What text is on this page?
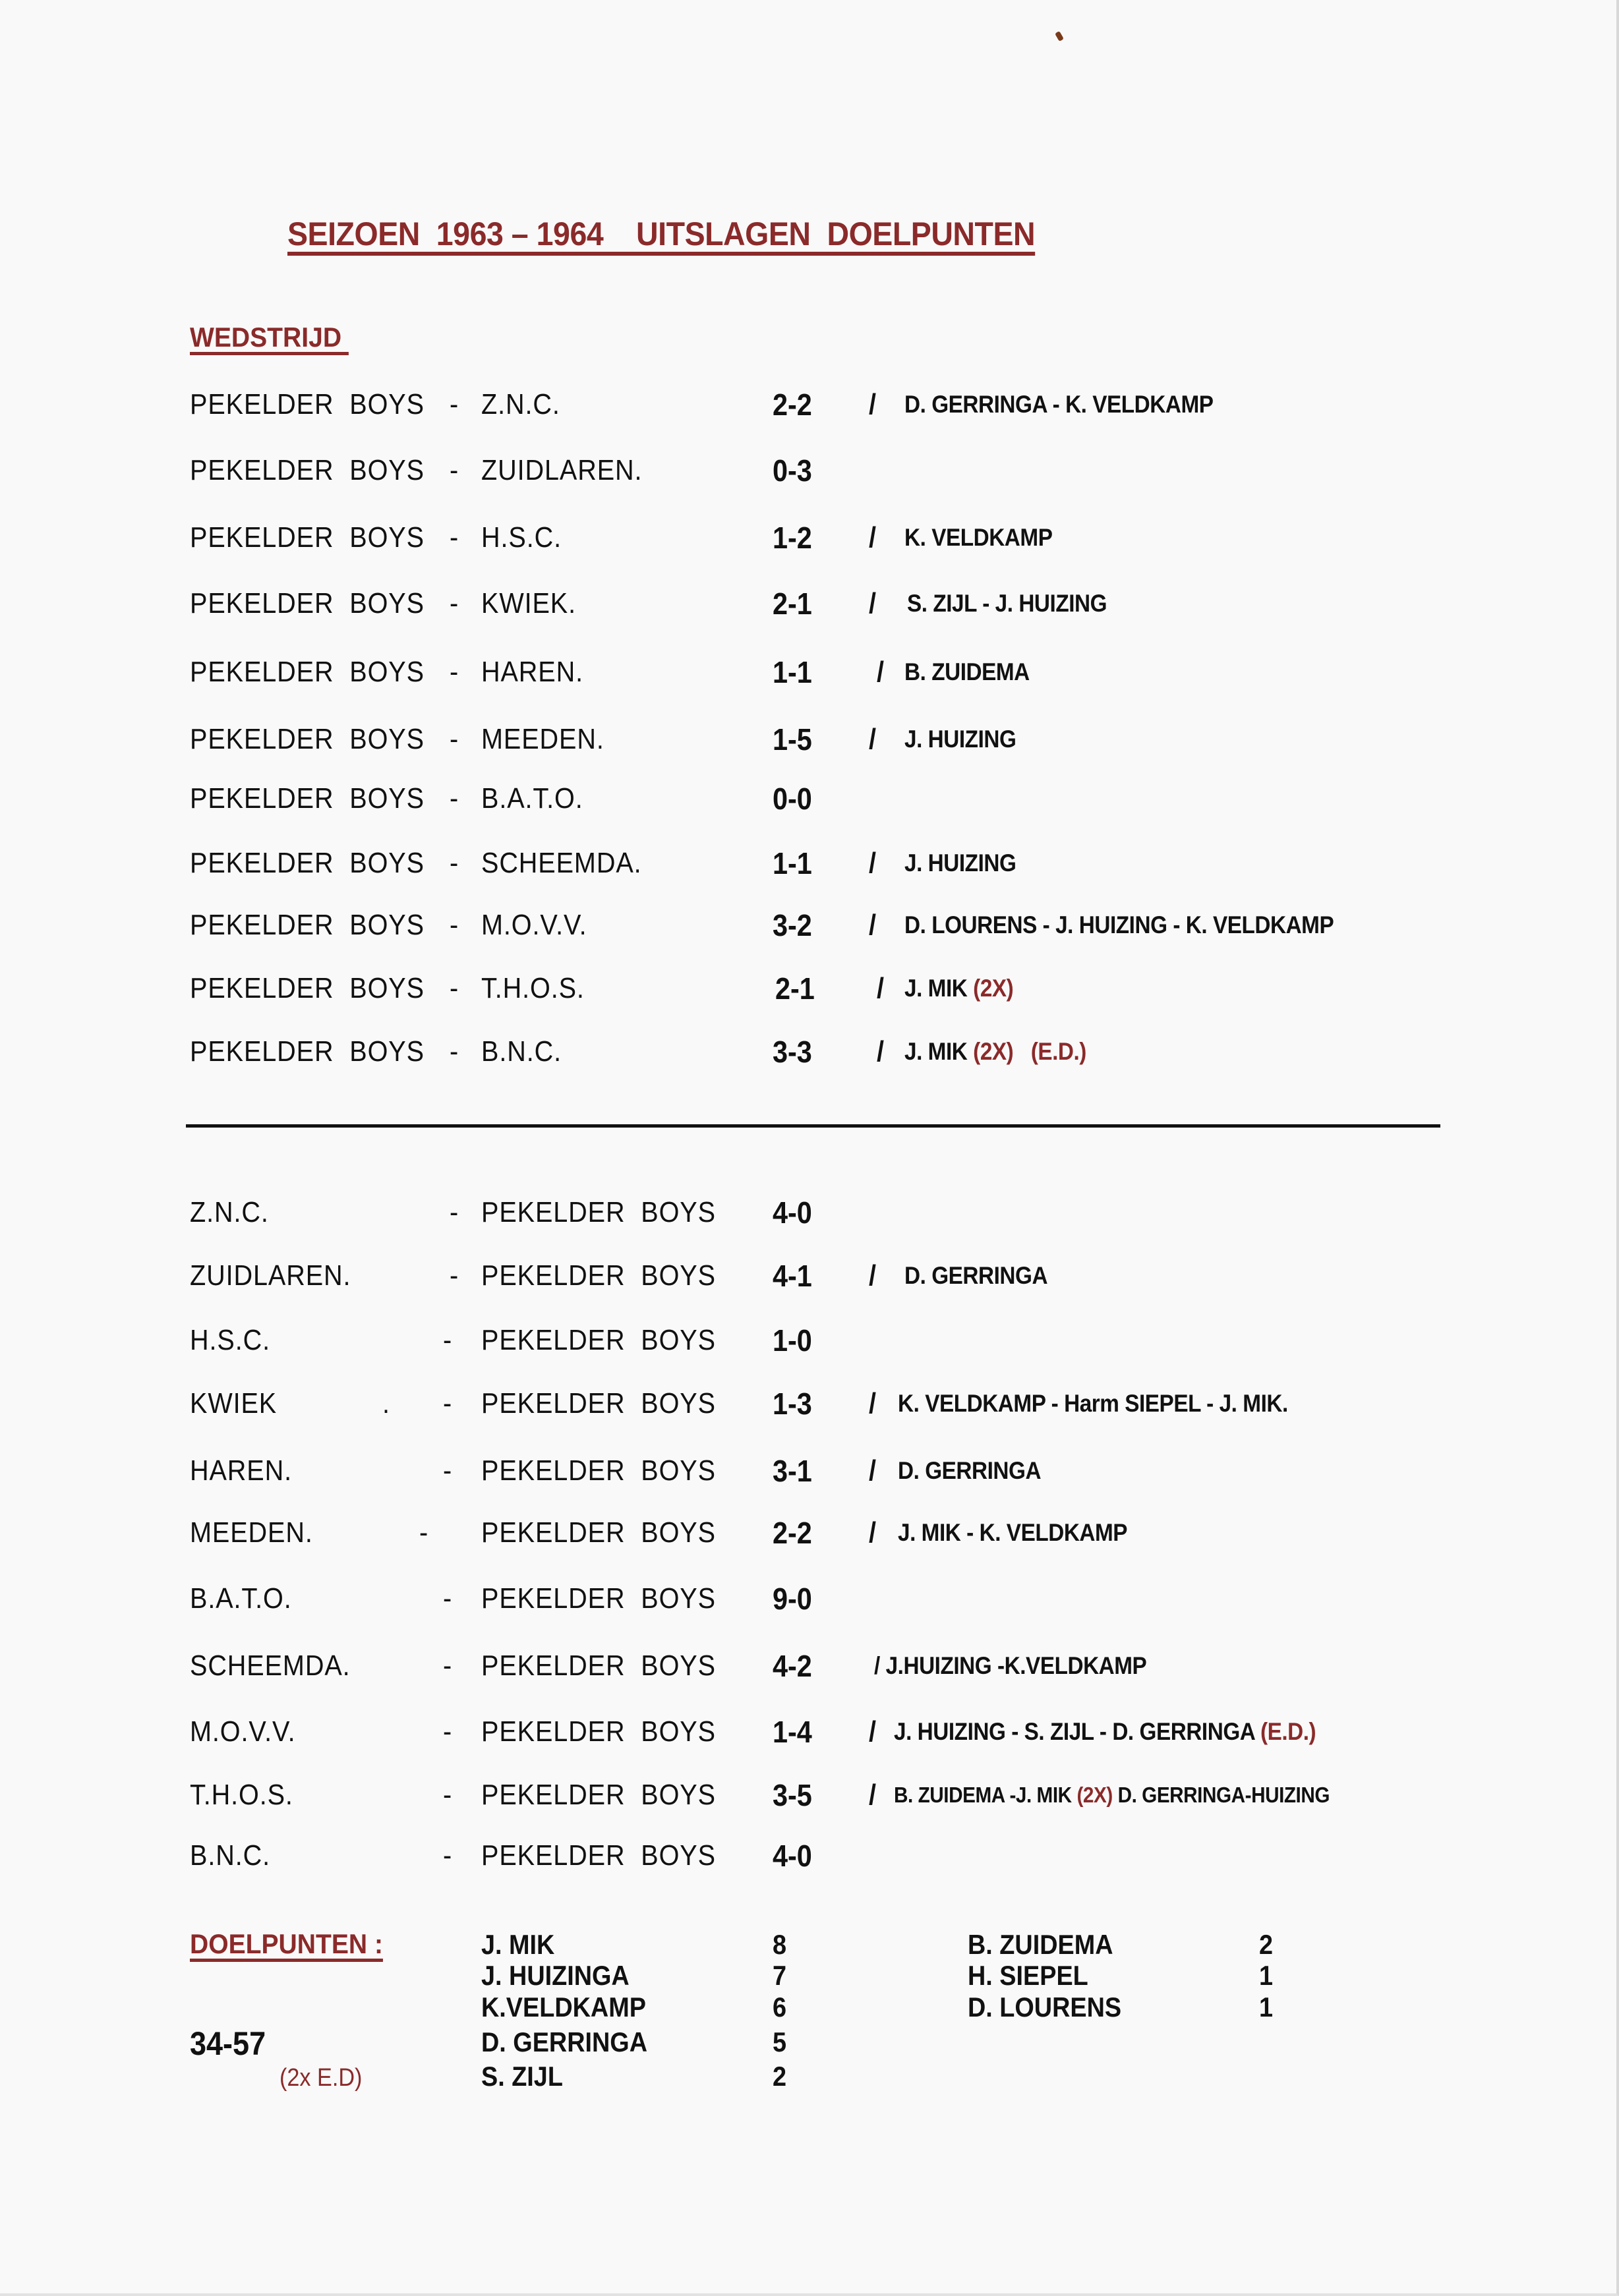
SEIZOEN  1963 – 1964    UITSLAGEN  DOELPUNTEN
WEDSTRIJD
PEKELDER  BOYS - Z.N.C.	2-2 / D. GERRINGA - K. VELDKAMP
PEKELDER  BOYS - ZUIDLAREN.	0-3
PEKELDER  BOYS - H.S.C.	1-2 / K. VELDKAMP
PEKELDER  BOYS - KWIEK.	2-1 / S. ZIJL - J. HUIZING
PEKELDER  BOYS - HAREN.	1-1 / B. ZUIDEMA
PEKELDER  BOYS - MEEDEN.	1-5 / J. HUIZING
PEKELDER  BOYS - B.A.T.O.	0-0
PEKELDER  BOYS - SCHEEMDA.	1-1 / J. HUIZING
PEKELDER  BOYS - M.O.V.V.	3-2 / D. LOURENS - J. HUIZING - K. VELDKAMP
PEKELDER  BOYS - T.H.O.S.	2-1 / J. MIK (2X)
PEKELDER  BOYS - B.N.C.	3-3 / J. MIK (2X) (E.D.)
Z.N.C.	- PEKELDER  BOYS 4-0
ZUIDLAREN.	- PEKELDER  BOYS 4-1 / D. GERRINGA
H.S.C.	- PEKELDER  BOYS 1-0
KWIEK	. - PEKELDER  BOYS 1-3 / K. VELDKAMP - Harm SIEPEL - J. MIK.
HAREN.	- PEKELDER  BOYS 3-1 / D. GERRINGA
MEEDEN.	- PEKELDER  BOYS 2-2 / J. MIK - K. VELDKAMP
B.A.T.O.	- PEKELDER  BOYS 9-0
SCHEEMDA.	- PEKELDER  BOYS 4-2	/ J.HUIZING -K.VELDKAMP
M.O.V.V.	- PEKELDER  BOYS 1-4 / J. HUIZING - S. ZIJL - D. GERRINGA (E.D.)
T.H.O.S.	- PEKELDER  BOYS 3-5 / B. ZUIDEMA -J. MIK (2X) D. GERRINGA-HUIZING
B.N.C.	- PEKELDER  BOYS 4-0
DOELPUNTEN :
34-57
(2x E.D)
J. MIK	8
J. HUIZINGA	7
K.VELDKAMP	6
D. GERRINGA	5
S. ZIJL	2
B. ZUIDEMA	2
H. SIEPEL	1
D. LOURENS	1
